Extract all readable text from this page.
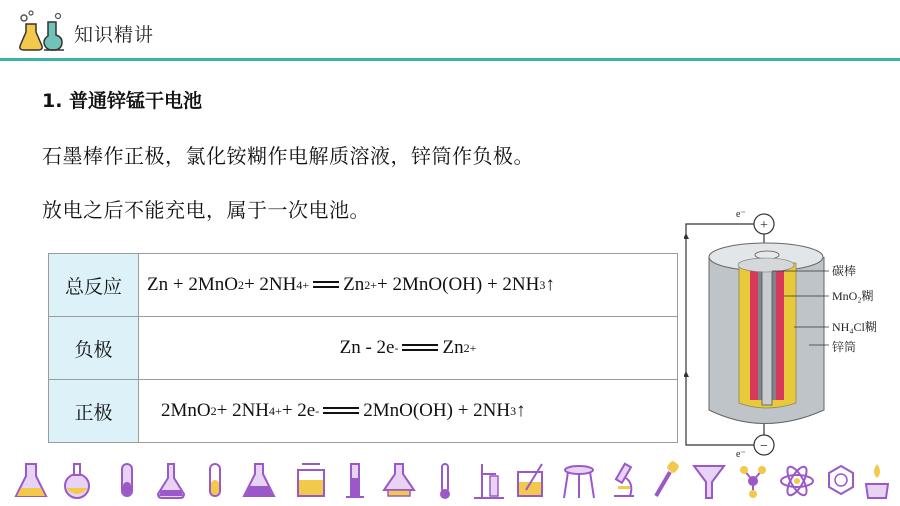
知识精讲
1. 普通锌锰干电池
石墨棒作正极，氯化铵糊作电解质溶液，锌筒作负极。
放电之后不能充电，属于一次电池。
总反应	Zn + 2MnO 2 + 2NH 4 + Zn 2+ + 2MnO(OH) + 2NH 3 ↑
负极	Zn - 2e - Zn 2+
正极	2MnO 2 + 2NH 4 + + 2e - 2MnO(OH) + 2NH 3 ↑
e⁻
e⁻
+
−
碳棒
MnO₂糊
NH₄Cl糊
锌筒
